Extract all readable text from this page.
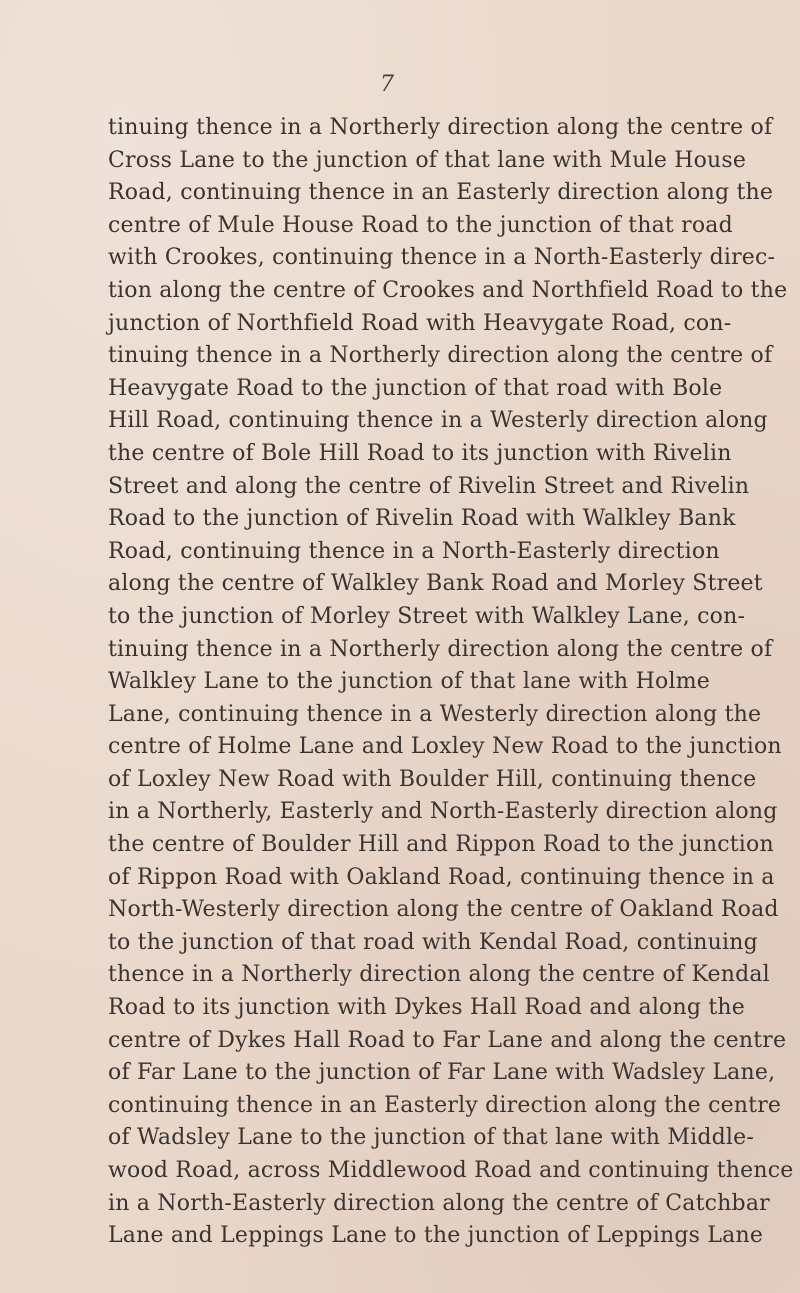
7
tinuing thence in a Northerly direction along the centre of
Cross Lane to the junction of that lane with Mule House
Road, continuing thence in an Easterly direction along the
centre of Mule House Road to the junction of that road
with Crookes, continuing thence in a North-Easterly direc-
tion along the centre of Crookes and Northfield Road to the
junction of Northfield Road with Heavygate Road, con-
tinuing thence in a Northerly direction along the centre of
Heavygate Road to the junction of that road with Bole
Hill Road, continuing thence in a Westerly direction along
the centre of Bole Hill Road to its junction with Rivelin
Street and along the centre of Rivelin Street and Rivelin
Road to the junction of Rivelin Road with Walkley Bank
Road, continuing thence in a North-Easterly direction
along the centre of Walkley Bank Road and Morley Street
to the junction of Morley Street with Walkley Lane, con-
tinuing thence in a Northerly direction along the centre of
Walkley Lane to the junction of that lane with Holme
Lane, continuing thence in a Westerly direction along the
centre of Holme Lane and Loxley New Road to the junction
of Loxley New Road with Boulder Hill, continuing thence
in a Northerly, Easterly and North-Easterly direction along
the centre of Boulder Hill and Rippon Road to the junction
of Rippon Road with Oakland Road, continuing thence in a
North-Westerly direction along the centre of Oakland Road
to the junction of that road with Kendal Road, continuing
thence in a Northerly direction along the centre of Kendal
Road to its junction with Dykes Hall Road and along the
centre of Dykes Hall Road to Far Lane and along the centre
of Far Lane to the junction of Far Lane with Wadsley Lane,
continuing thence in an Easterly direction along the centre
of Wadsley Lane to the junction of that lane with Middle-
wood Road, across Middlewood Road and continuing thence
in a North-Easterly direction along the centre of Catchbar
Lane and Leppings Lane to the junction of Leppings Lane
